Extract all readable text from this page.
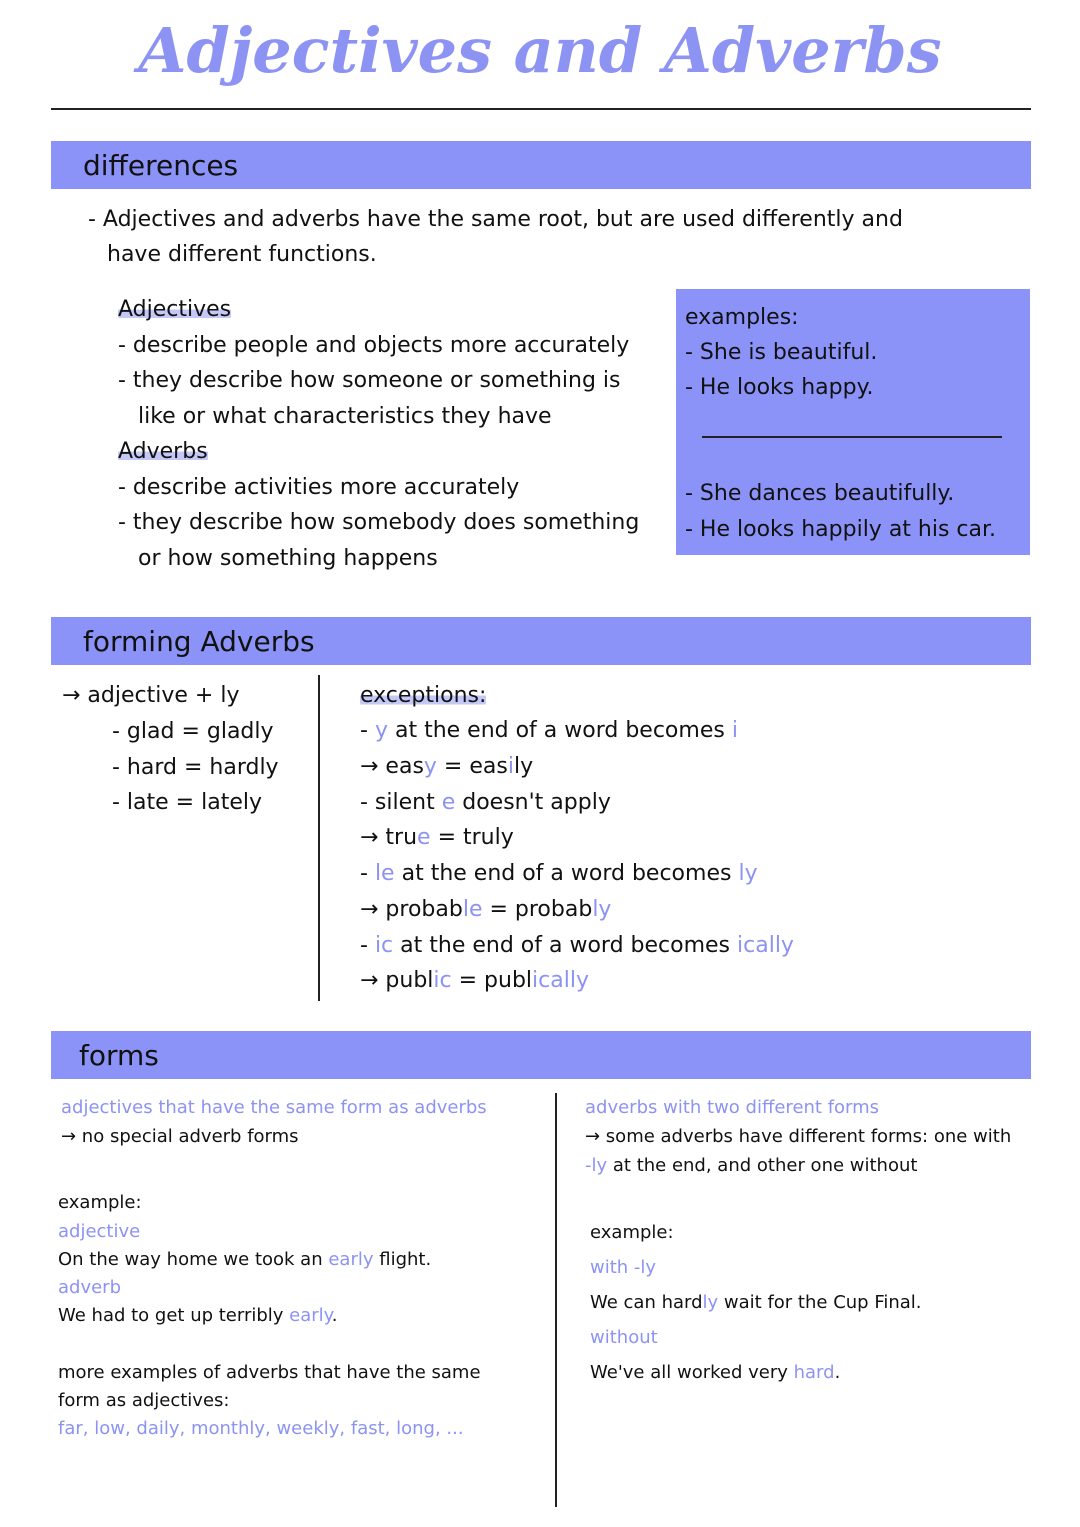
Adjectives and Adverbs
differences
- Adjectives and adverbs have the same root, but are used differently and
have different functions.
Adjectives
- describe people and objects more accurately
- they describe how someone or something is
like or what characteristics they have
Adverbs
- describe activities more accurately
- they describe how somebody does something
or how something happens
examples:
- She is beautiful.
- He looks happy.
- She dances beautifully.
- He looks happily at his car.
forming Adverbs
→ adjective + ly
- glad = gladly
- hard = hardly
- late = lately
exceptions:
- y at the end of a word becomes i
→ easy = easily
- silent e doesn't apply
→ true = truly
- le at the end of a word becomes ly
→ probable = probably
- ic at the end of a word becomes ically
→ public = publically
forms
adjectives that have the same form as adverbs
→ no special adverb forms
example:
adjective
On the way home we took an early flight.
adverb
We had to get up terribly early.
more examples of adverbs that have the same
form as adjectives:
far, low, daily, monthly, weekly, fast, long, ...
adverbs with two different forms
→ some adverbs have different forms: one with
-ly at the end, and other one without
example:
with -ly
We can hardly wait for the Cup Final.
without
We've all worked very hard.
